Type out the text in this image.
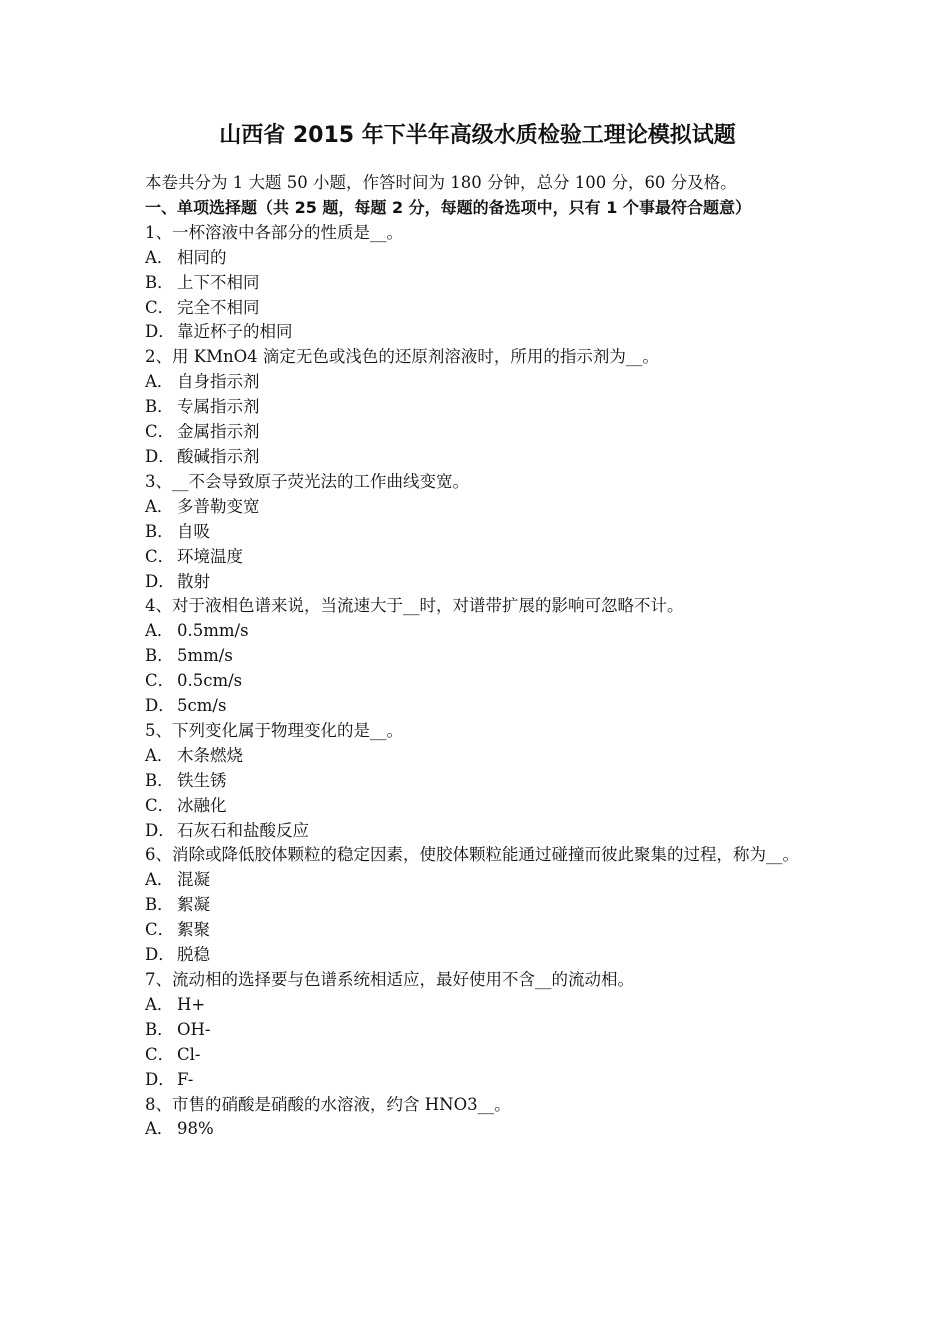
山西省 2015 年下半年高级水质检验工理论模拟试题

本卷共分为 1 大题 50 小题，作答时间为 180 分钟，总分 100 分，60 分及格。

一、单项选择题（共 25 题，每题 2 分，每题的备选项中，只有 1 个事最符合题意）

1、一杯溶液中各部分的性质是__。

A． 相同的

B． 上下不相同

C． 完全不相同

D． 靠近杯子的相同

2、用 KMnO4 滴定无色或浅色的还原剂溶液时，所用的指示剂为__。

A． 自身指示剂

B． 专属指示剂

C． 金属指示剂

D． 酸碱指示剂

3、__不会导致原子荧光法的工作曲线变宽。

A． 多普勒变宽

B． 自吸

C． 环境温度

D． 散射

4、对于液相色谱来说，当流速大于__时，对谱带扩展的影响可忽略不计。

A． 0.5mm/s

B． 5mm/s

C． 0.5cm/s

D． 5cm/s

5、下列变化属于物理变化的是__。

A． 木条燃烧

B． 铁生锈

C． 冰融化

D． 石灰石和盐酸反应

6、消除或降低胶体颗粒的稳定因素，使胶体颗粒能通过碰撞而彼此聚集的过程，称为__。

A． 混凝

B． 絮凝

C． 絮聚

D． 脱稳

7、流动相的选择要与色谱系统相适应，最好使用不含__的流动相。

A． H+

B． OH-

C． Cl-

D． F-

8、市售的硝酸是硝酸的水溶液，约含 HNO3__。

A． 98%
